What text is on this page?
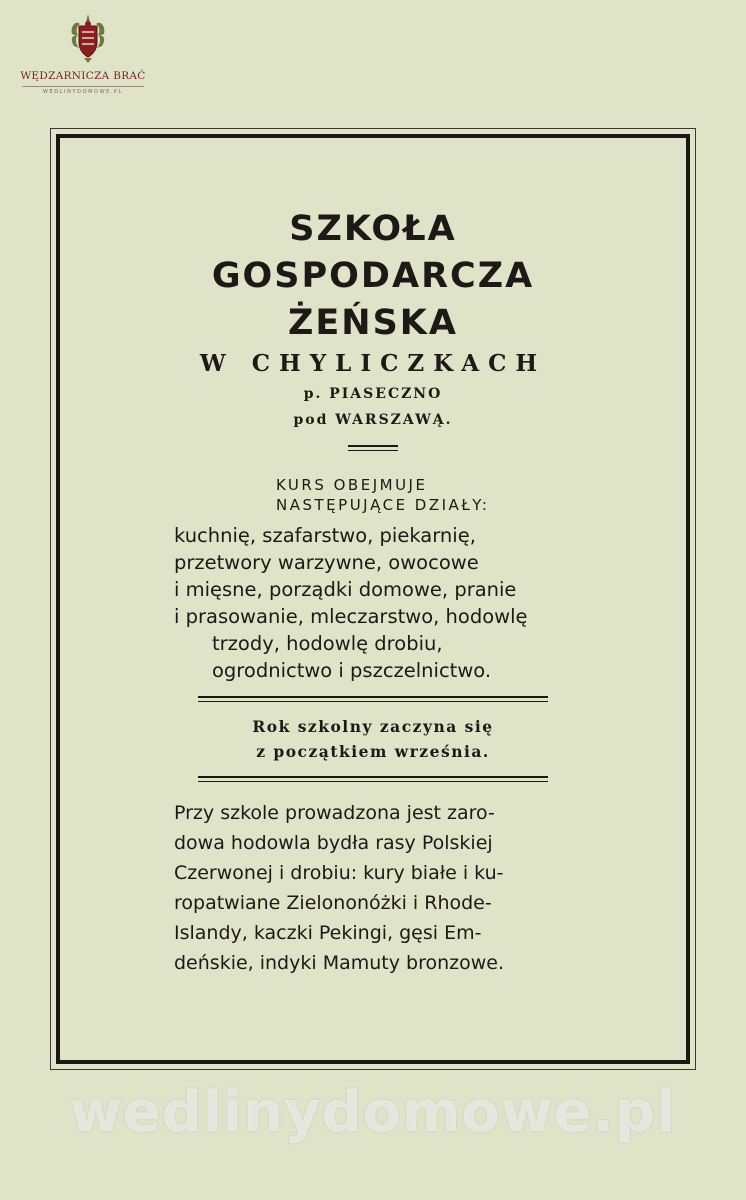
WĘDZARNICZA BRAĆ
WEDLINYDOMOWE.PL
SZKOŁA
GOSPODARCZA
ŻEŃSKA
W CHYLICZKACH
p. PIASECZNO
pod WARSZAWĄ.
KURS OBEJMUJE
NASTĘPUJĄCE DZIAŁY:
kuchnię, szafarstwo, piekarnię,
przetwory warzywne, owocowe
i mięsne, porządki domowe, pranie
i prasowanie, mleczarstwo, hodowlę
trzody, hodowlę drobiu,
ogrodnictwo i pszczelnictwo.
Rok szkolny zaczyna się
z początkiem września.
Przy szkole prowadzona jest zaro-
dowa hodowla bydła rasy Polskiej
Czerwonej i drobiu: kury białe i ku-
ropatwiane Zielononóżki i Rhode-
Islandy, kaczki Pekingi, gęsi Em-
deńskie, indyki Mamuty bronzowe.
wedlinydomowe.pl
